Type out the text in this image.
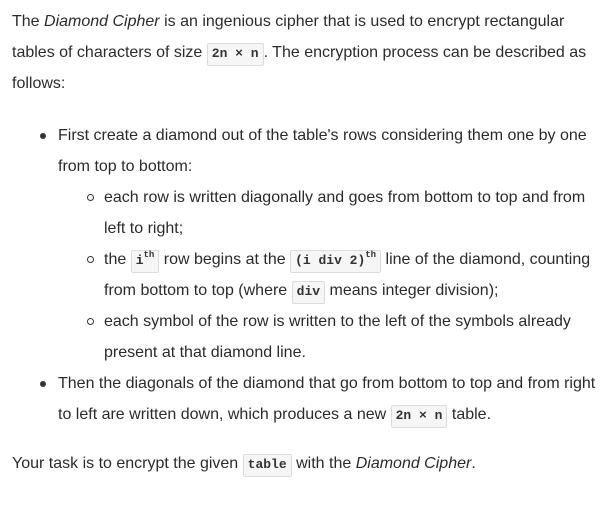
The Diamond Cipher is an ingenious cipher that is used to encrypt rectangular tables of characters of size 2n × n . The encryption process can be described as follows:

First create a diamond out of the table's rows considering them one by one from top to bottom:
each row is written diagonally and goes from bottom to top and from left to right;
the $i^{th}$ row begins at the (i div 2)$^{th}$ line of the diamond, counting from bottom to top (where div means integer division);
each symbol of the row is written to the left of the symbols already present at that diamond line.
Then the diagonals of the diamond that go from bottom to top and from right to left are written down, which produces a new 2n × n table.

Your task is to encrypt the given table with the Diamond Cipher.
